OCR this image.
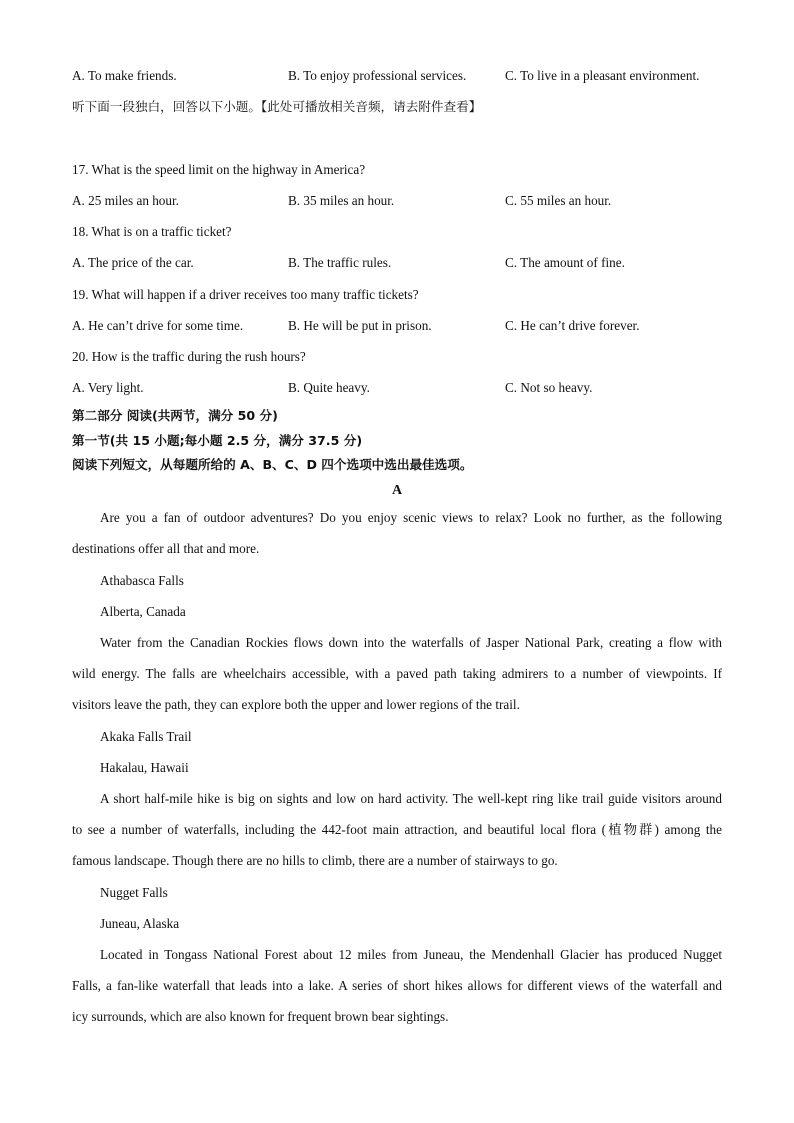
A. To make friends.	B. To enjoy professional services.	C. To live in a pleasant environment.
听下面一段独白，回答以下小题。【此处可播放相关音频，请去附件查看】
17. What is the speed limit on the highway in America?
A. 25 miles an hour.	B. 35 miles an hour.	C. 55 miles an hour.
18. What is on a traffic ticket?
A. The price of the car.	B. The traffic rules.	C. The amount of fine.
19. What will happen if a driver receives too many traffic tickets?
A. He can’t drive for some time.	B. He will be put in prison.	C. He can’t drive forever.
20. How is the traffic during the rush hours?
A. Very light.	B. Quite heavy.	C. Not so heavy.
第二部分 阅读(共两节，满分 50 分)
第一节(共 15 小题;每小题 2.5 分，满分 37.5 分)
阅读下列短文，从每题所给的 A、B、C、D 四个选项中选出最佳选项。
A
Are you a fan of outdoor adventures? Do you enjoy scenic views to relax? Look no further, as the following
destinations offer all that and more.
Athabasca Falls
Alberta, Canada
Water from the Canadian Rockies flows down into the waterfalls of Jasper National Park, creating a flow with
wild energy. The falls are wheelchairs accessible, with a paved path taking admirers to a number of viewpoints. If
visitors leave the path, they can explore both the upper and lower regions of the trail.
Akaka Falls Trail
Hakalau, Hawaii
A short half-mile hike is big on sights and low on hard activity. The well-kept ring like trail guide visitors around
to see a number of waterfalls, including the 442-foot main attraction, and beautiful local flora (植物群) among the
famous landscape. Though there are no hills to climb, there are a number of stairways to go.
Nugget Falls
Juneau, Alaska
Located in Tongass National Forest about 12 miles from Juneau, the Mendenhall Glacier has produced Nugget
Falls, a fan-like waterfall that leads into a lake. A series of short hikes allows for different views of the waterfall and
icy surrounds, which are also known for frequent brown bear sightings.
